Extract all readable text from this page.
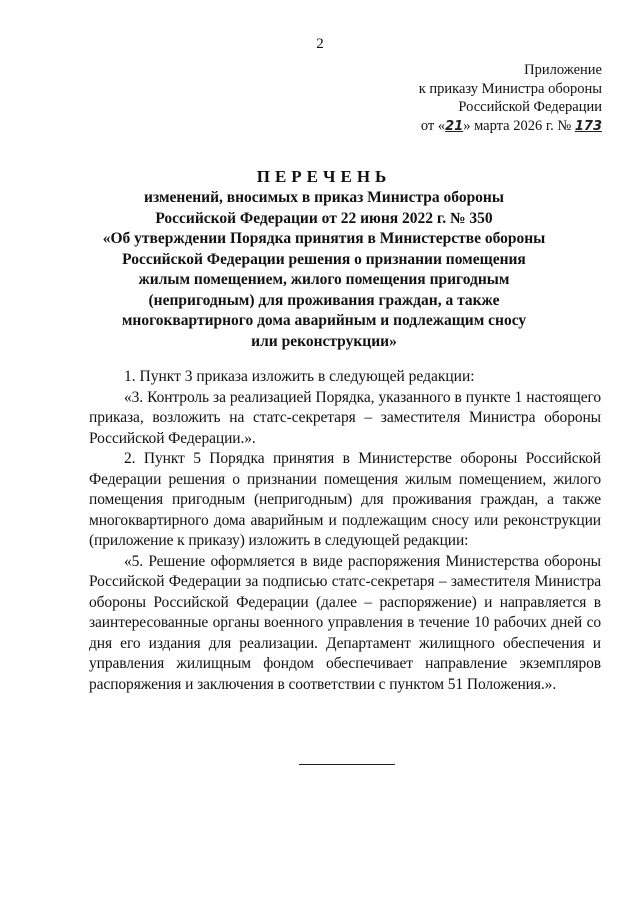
2
Приложение
к приказу Министра обороны
Российской Федерации
от «21» марта 2026 г. № 173
ПЕРЕЧЕНЬ
изменений, вносимых в приказ Министра обороны
Российской Федерации от 22 июня 2022 г. № 350
«Об утверждении Порядка принятия в Министерстве обороны
Российской Федерации решения о признании помещения
жилым помещением, жилого помещения пригодным
(непригодным) для проживания граждан, а также
многоквартирного дома аварийным и подлежащим сносу
или реконструкции»

1. Пункт 3 приказа изложить в следующей редакции:

«3. Контроль за реализацией Порядка, указанного в пункте 1 настоящего приказа, возложить на статс-секретаря – заместителя Министра обороны Российской Федерации.».

2. Пункт 5 Порядка принятия в Министерстве обороны Российской Федерации решения о признании помещения жилым помещением, жилого помещения пригодным (непригодным) для проживания граждан, а также многоквартирного дома аварийным и подлежащим сносу или реконструкции (приложение к приказу) изложить в следующей редакции:

«5. Решение оформляется в виде распоряжения Министерства обороны Российской Федерации за подписью статс-секретаря – заместителя Министра обороны Российской Федерации (далее – распоряжение) и направляется в заинтересованные органы военного управления в течение 10 рабочих дней со дня его издания для реализации. Департамент жилищного обеспечения и управления жилищным фондом обеспечивает направление экземпляров распоряжения и заключения в соответствии с пунктом 51 Положения.».
